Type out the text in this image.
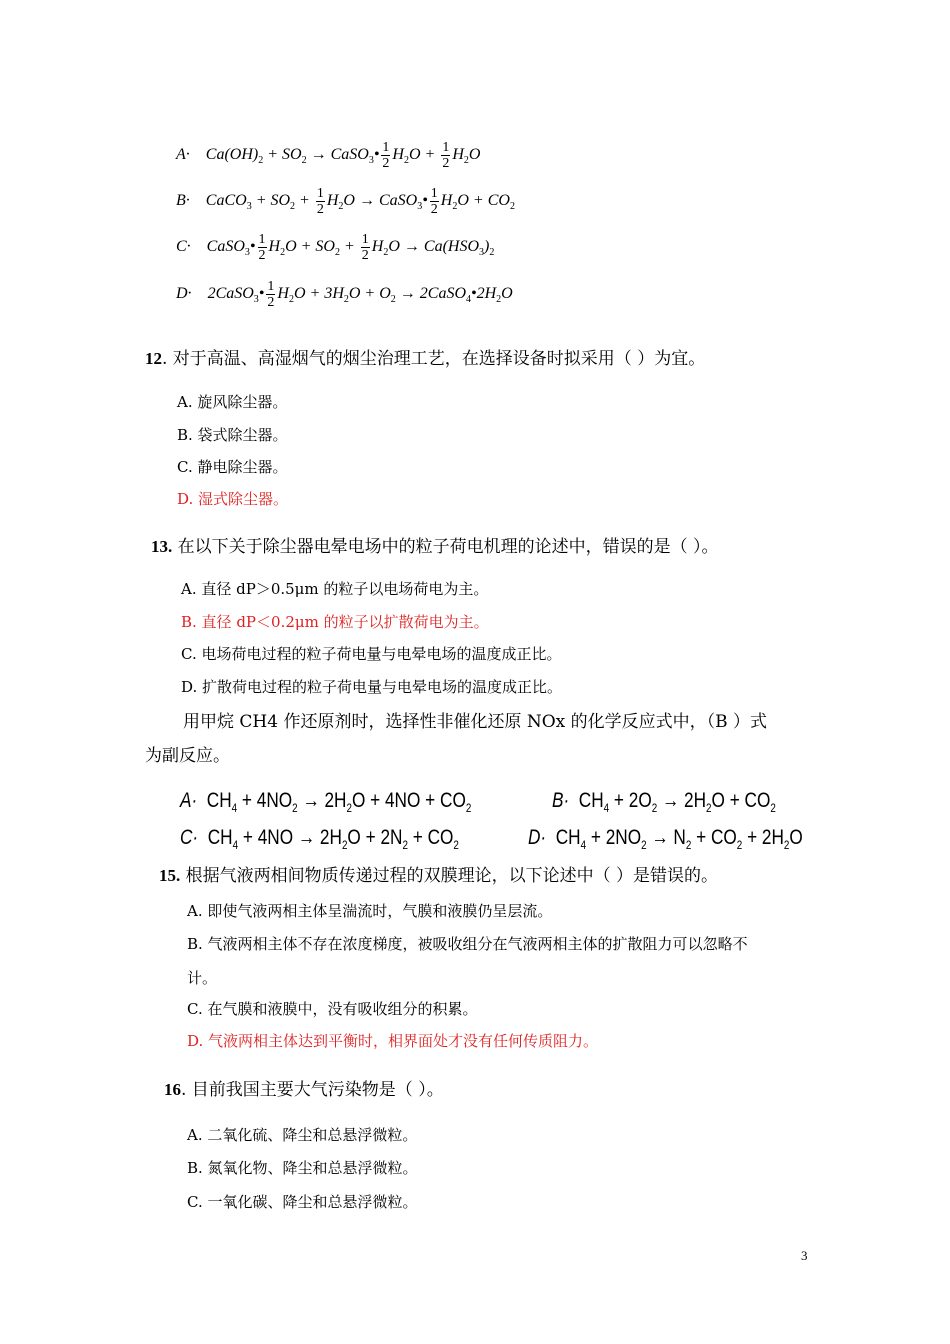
$A\cdot Ca(OH)_2 + SO_2$ → CaSO$_3$• $\frac{1}{2} H_2O + \frac{1}{2} H_2O$
B· CaCO$_3$ + $SO_2 + \frac{1}{2} H_2O$ → CaSO$_3$• $\frac{1}{2} H_2O + CO_2$
C· CaSO$_3$• $\frac{1}{2} H_2O + SO_2 + \frac{1}{2} H_2O \to Ca(HSO_3)_2$
D· 2CaSO$_3$• $\frac{1}{2} H_2O + 3H_2O + O_2$ → $2CaSO_4•2H_2O$
12. 对于高温、高湿烟气的烟尘治理工艺，在选择设备时拟采用（ ）为宜。
A. 旋风除尘器。
B. 袋式除尘器。
C. 静电除尘器。
D. 湿式除尘器。
13. 在以下关于除尘器电晕电场中的粒子荷电机理的论述中，错误的是（ ）。
A. 直径 dP＞0.5μm 的粒子以电场荷电为主。
B. 直径 dP＜0.2μm 的粒子以扩散荷电为主。
C. 电场荷电过程的粒子荷电量与电晕电场的温度成正比。
D. 扩散荷电过程的粒子荷电量与电晕电场的温度成正比。
用甲烷 CH4 作还原剂时，选择性非催化还原 NOx 的化学反应式中，（B ）式
为副反应。
$A\cdot CH_4 + 4NO_2 \to 2H_2O + 4NO + CO_2$	$B\cdot CH_4 + 2O_2 \to 2H_2O + CO_2$
$C\cdot CH_4 + 4NO \to 2H_2O + 2N_2 + CO_2$	$D\cdot CH_4 + 2NO_2 \to N_2 + CO_2 + 2H_2O$
15. 根据气液两相间物质传递过程的双膜理论，以下论述中（ ）是错误的。
A. 即使气液两相主体呈湍流时，气膜和液膜仍呈层流。
B. 气液两相主体不存在浓度梯度，被吸收组分在气液两相主体的扩散阻力可以忽略不
计。
C. 在气膜和液膜中，没有吸收组分的积累。
D. 气液两相主体达到平衡时，相界面处才没有任何传质阻力。
16. 目前我国主要大气污染物是（ ）。
A. 二氧化硫、降尘和总悬浮微粒。
B. 氮氧化物、降尘和总悬浮微粒。
C. 一氧化碳、降尘和总悬浮微粒。
3
